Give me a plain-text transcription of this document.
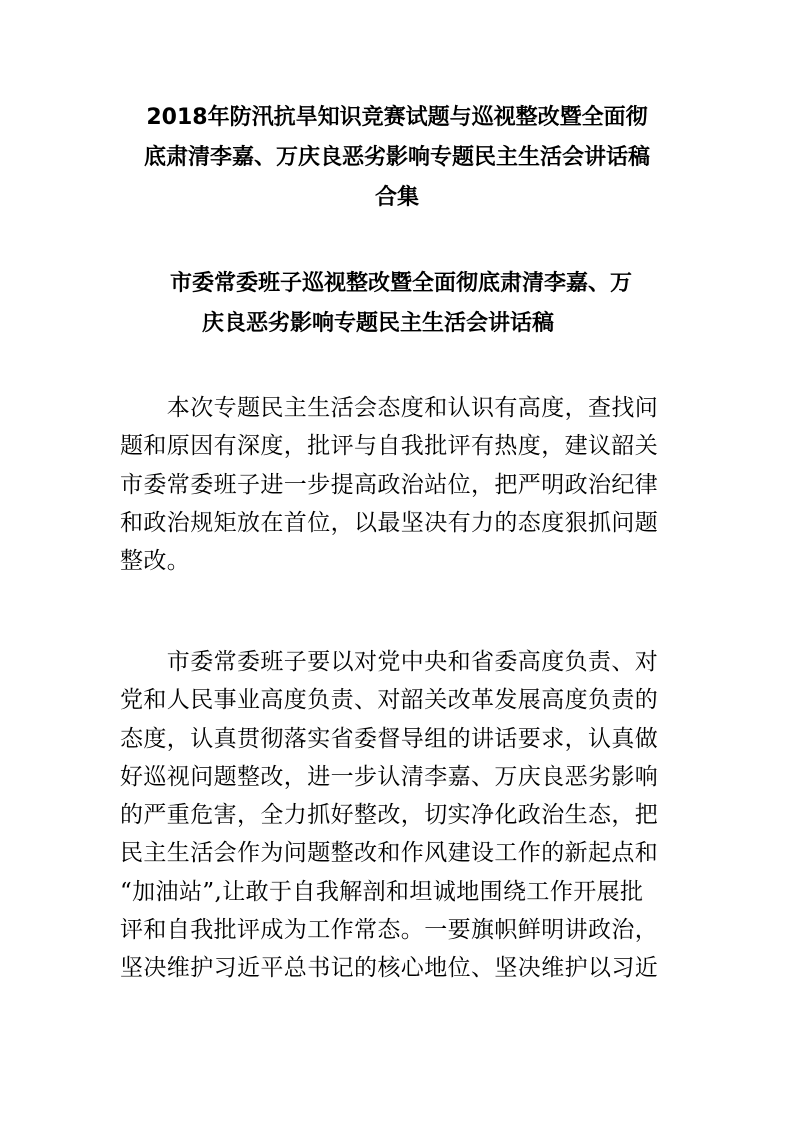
2018年防汛抗旱知识竞赛试题与巡视整改暨全面彻
底肃清李嘉、万庆良恶劣影响专题民主生活会讲话稿
合集
市委常委班子巡视整改暨全面彻底肃清李嘉、万
庆良恶劣影响专题民主生活会讲话稿
　　本次专题民主生活会态度和认识有高度，查找问
题和原因有深度，批评与自我批评有热度，建议韶关
市委常委班子进一步提高政治站位，把严明政治纪律
和政治规矩放在首位，以最坚决有力的态度狠抓问题
整改。
　　市委常委班子要以对党中央和省委高度负责、对
党和人民事业高度负责、对韶关改革发展高度负责的
态度，认真贯彻落实省委督导组的讲话要求，认真做
好巡视问题整改，进一步认清李嘉、万庆良恶劣影响
的严重危害，全力抓好整改，切实净化政治生态，把
民主生活会作为问题整改和作风建设工作的新起点和
“加油站”,让敢于自我解剖和坦诚地围绕工作开展批
评和自我批评成为工作常态。一要旗帜鲜明讲政治，
坚决维护习近平总书记的核心地位、坚决维护以习近
